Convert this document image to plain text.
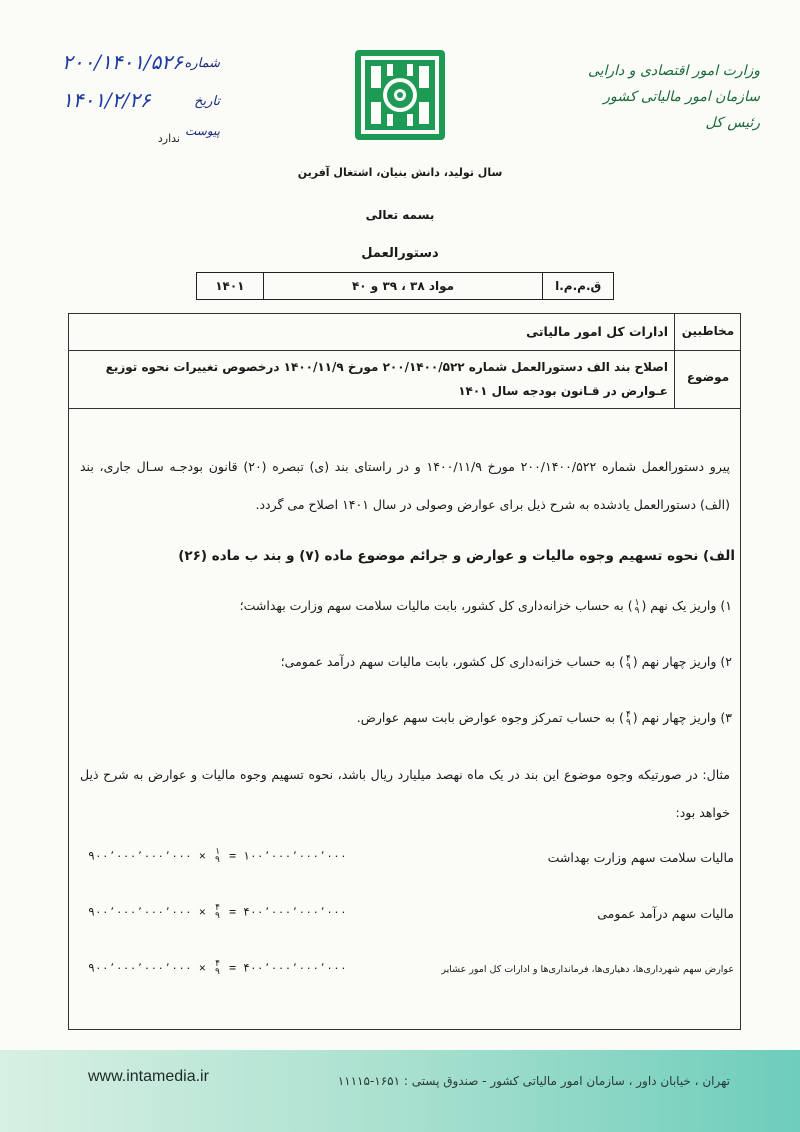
شماره
۲۰۰/۱۴۰۱/۵۲۶
تاریخ
۱۴۰۱/۲/۲۶
پیوست
ندارد
وزارت امور اقتصادی و دارایی
سازمان امور مالیاتی کشور
رئیس کل
سال تولید، دانش بنیان، اشتغال آفرین
بسمه تعالی
دستورالعمل
ق.م.م.ا
مواد ۳۸ ، ۳۹ و ۴۰
۱۴۰۱
مخاطبین
ادارات کل امور مالیاتی
موضوع
اصلاح بند الف دستورالعمل شماره ۲۰۰/۱۴۰۰/۵۲۲ مورخ ۱۴۰۰/۱۱/۹ درخصوص تغییرات نحوه توزیع عـوارض در قـانون بودجه سال ۱۴۰۱
پیرو دستورالعمل شماره ۲۰۰/۱۴۰۰/۵۲۲ مورخ ۱۴۰۰/۱۱/۹ و در راستای بند (ی) تبصره (۲۰) قانون بودجـه سـال جاری، بند (الف) دستورالعمل یادشده به شرح ذیل برای عوارض وصولی در سال ۱۴۰۱ اصلاح می گردد.
الف) نحوه تسهیم وجوه مالیات و عوارض و جرائم موضوع ماده (۷) و بند ب ماده (۲۶)
۱) واریز یک نهم (۱
۹) به حساب خزانه‌داری کل کشور، بابت مالیات سلامت سهم وزارت بهداشت؛
۲) واریز چهار نهم (۴
۹) به حساب خزانه‌داری کل کشور، بابت مالیات سهم درآمد عمومی؛
۳) واریز چهار نهم (۴
۹) به حساب تمرکز وجوه عوارض بابت سهم عوارض.
مثال: در صورتیکه وجوه موضوع این بند در یک ماه نهصد میلیارد ریال باشد، نحوه تسهیم وجوه مالیات و عوارض به شرح ذیل خواهد بود:
مالیات سلامت سهم وزارت بهداشت
۹۰۰٬۰۰۰٬۰۰۰٬۰۰۰ × ۱
۹ = ۱۰۰٬۰۰۰٬۰۰۰٬۰۰۰
مالیات سهم درآمد عمومی
۹۰۰٬۰۰۰٬۰۰۰٬۰۰۰ × ۴
۹ = ۴۰۰٬۰۰۰٬۰۰۰٬۰۰۰
عوارض سهم شهرداری‌ها، دهیاری‌ها، فرمانداری‌ها و ادارات کل امور عشایر
۹۰۰٬۰۰۰٬۰۰۰٬۰۰۰ × ۴
۹ = ۴۰۰٬۰۰۰٬۰۰۰٬۰۰۰
تهران ، خیابان داور ، سازمان امور مالیاتی کشور - صندوق پستی : ۱۶۵۱-۱۱۱۱۵
www.intamedia.ir
